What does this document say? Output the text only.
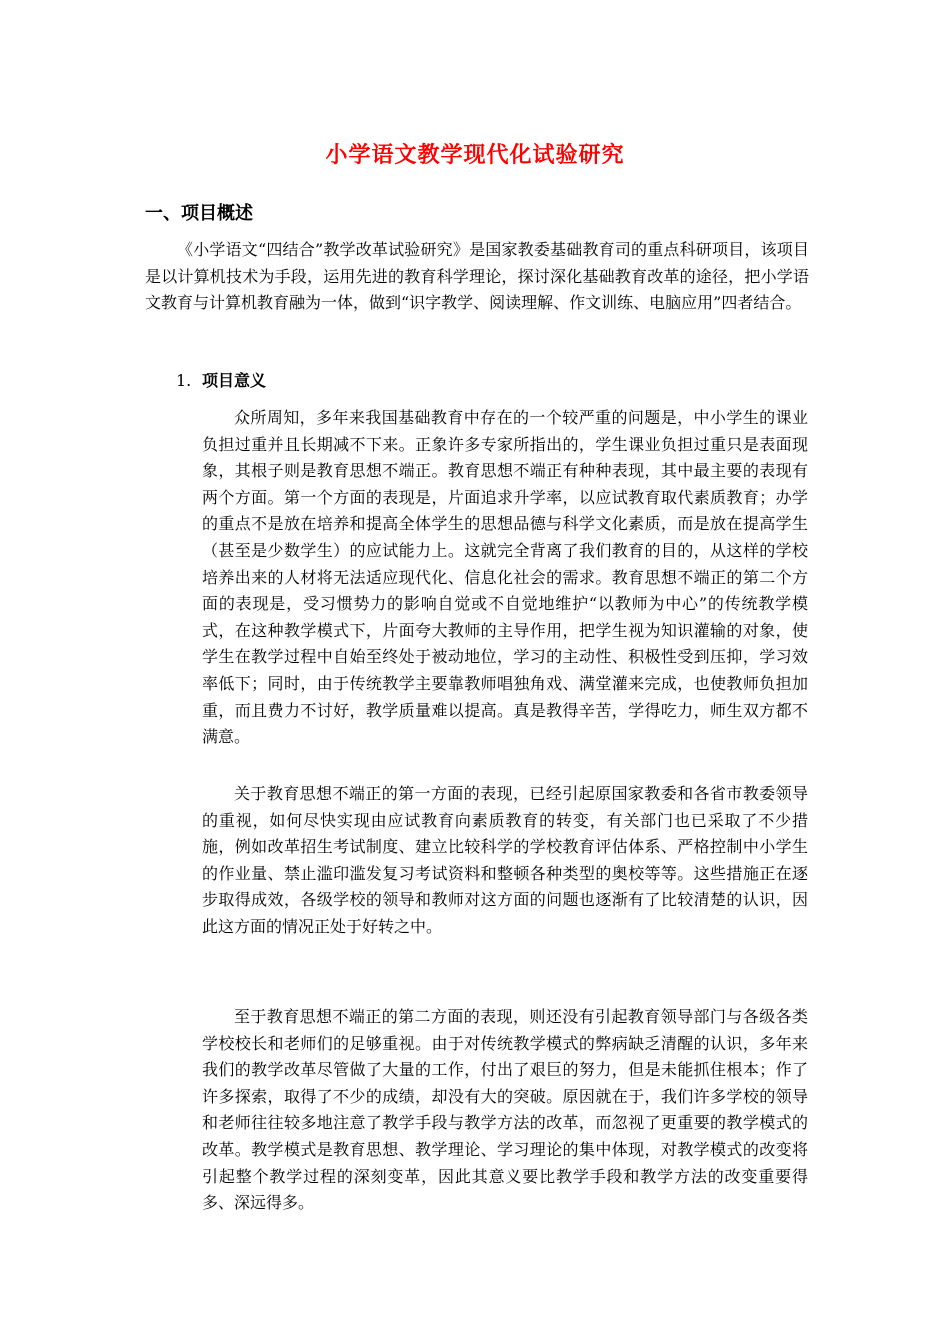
小学语文教学现代化试验研究
一、项目概述

《小学语文“四结合”教学改革试验研究》是国家教委基础教育司的重点科研项目，该项目是以计算机技术为手段，运用先进的教育科学理论，探讨深化基础教育改革的途径，把小学语文教育与计算机教育融为一体，做到“识字教学、阅读理解、作文训练、电脑应用”四者结合。

1. 项目意义

众所周知，多年来我国基础教育中存在的一个较严重的问题是，中小学生的课业负担过重并且长期减不下来。正象许多专家所指出的，学生课业负担过重只是表面现象，其根子则是教育思想不端正。教育思想不端正有种种表现，其中最主要的表现有两个方面。第一个方面的表现是，片面追求升学率，以应试教育取代素质教育；办学的重点不是放在培养和提高全体学生的思想品德与科学文化素质，而是放在提高学生（甚至是少数学生）的应试能力上。这就完全背离了我们教育的目的，从这样的学校培养出来的人材将无法适应现代化、信息化社会的需求。教育思想不端正的第二个方面的表现是，受习惯势力的影响自觉或不自觉地维护“以教师为中心”的传统教学模式，在这种教学模式下，片面夸大教师的主导作用，把学生视为知识灌输的对象，使学生在教学过程中自始至终处于被动地位，学习的主动性、积极性受到压抑，学习效率低下；同时，由于传统教学主要靠教师唱独角戏、满堂灌来完成，也使教师负担加重，而且费力不讨好，教学质量难以提高。真是教得辛苦，学得吃力，师生双方都不满意。

关于教育思想不端正的第一方面的表现，已经引起原国家教委和各省市教委领导的重视，如何尽快实现由应试教育向素质教育的转变，有关部门也已采取了不少措施，例如改革招生考试制度、建立比较科学的学校教育评估体系、严格控制中小学生的作业量、禁止滥印滥发复习考试资料和整顿各种类型的奥校等等。这些措施正在逐步取得成效，各级学校的领导和教师对这方面的问题也逐渐有了比较清楚的认识，因此这方面的情况正处于好转之中。

至于教育思想不端正的第二方面的表现，则还没有引起教育领导部门与各级各类学校校长和老师们的足够重视。由于对传统教学模式的弊病缺乏清醒的认识，多年来我们的教学改革尽管做了大量的工作，付出了艰巨的努力，但是未能抓住根本；作了许多探索，取得了不少的成绩，却没有大的突破。原因就在于，我们许多学校的领导和老师往往较多地注意了教学手段与教学方法的改革，而忽视了更重要的教学模式的改革。教学模式是教育思想、教学理论、学习理论的集中体现，对教学模式的改变将引起整个教学过程的深刻变革，因此其意义要比教学手段和教学方法的改变重要得多、深远得多。
